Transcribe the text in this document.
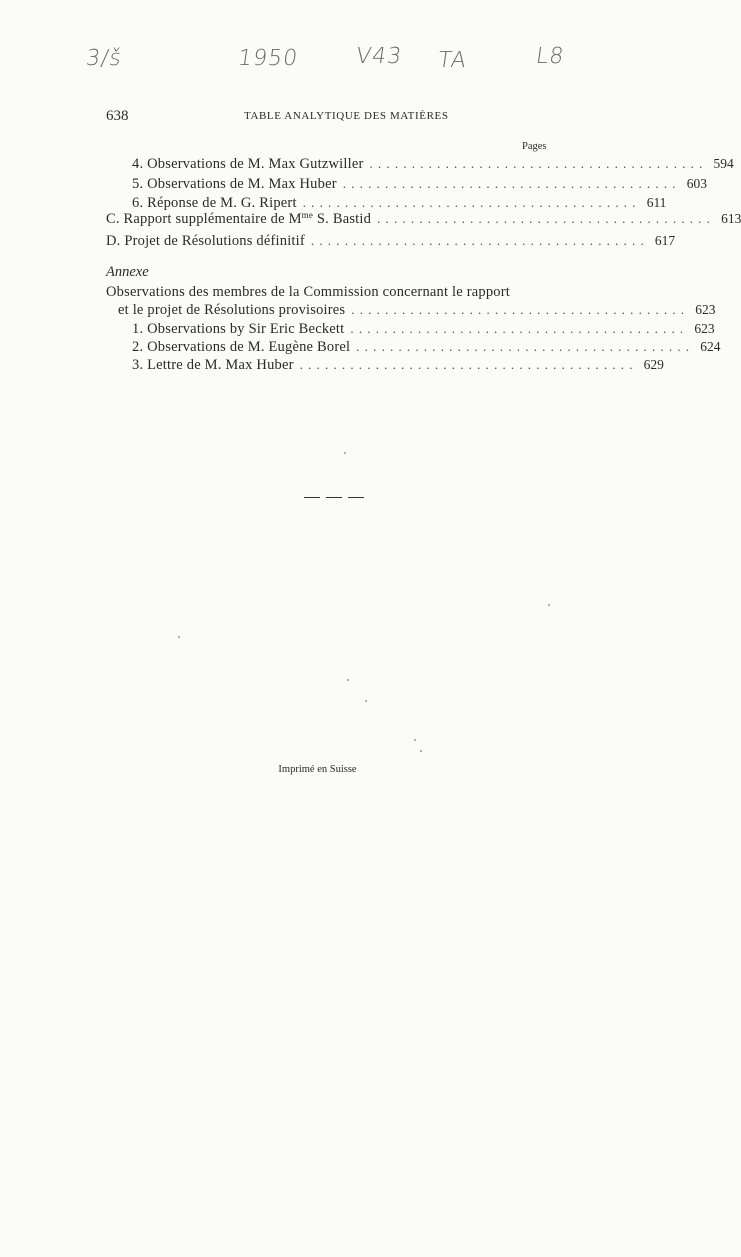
3/š	1950 V43 TA	L8
638	TABLE ANALYTIQUE DES MATIÈRES
Pages
4. Observations de M. Max Gutzwiller ........................................ 594
5. Observations de M. Max Huber ........................................ 603
6. Réponse de M. G. Ripert ........................................ 611
C. Rapport supplémentaire de $M^{me}$ S. Bastid ........................................ 613
D. Projet de Résolutions définitif ........................................ 617
Annexe
Observations des membres de la Commission concernant le rapport
et le projet de Résolutions provisoires ........................................ 623
1. Observations by Sir Eric Beckett ........................................ 623
2. Observations de M. Eugène Borel ........................................ 624
3. Lettre de M. Max Huber ........................................ 629
Imprimé en Suisse
